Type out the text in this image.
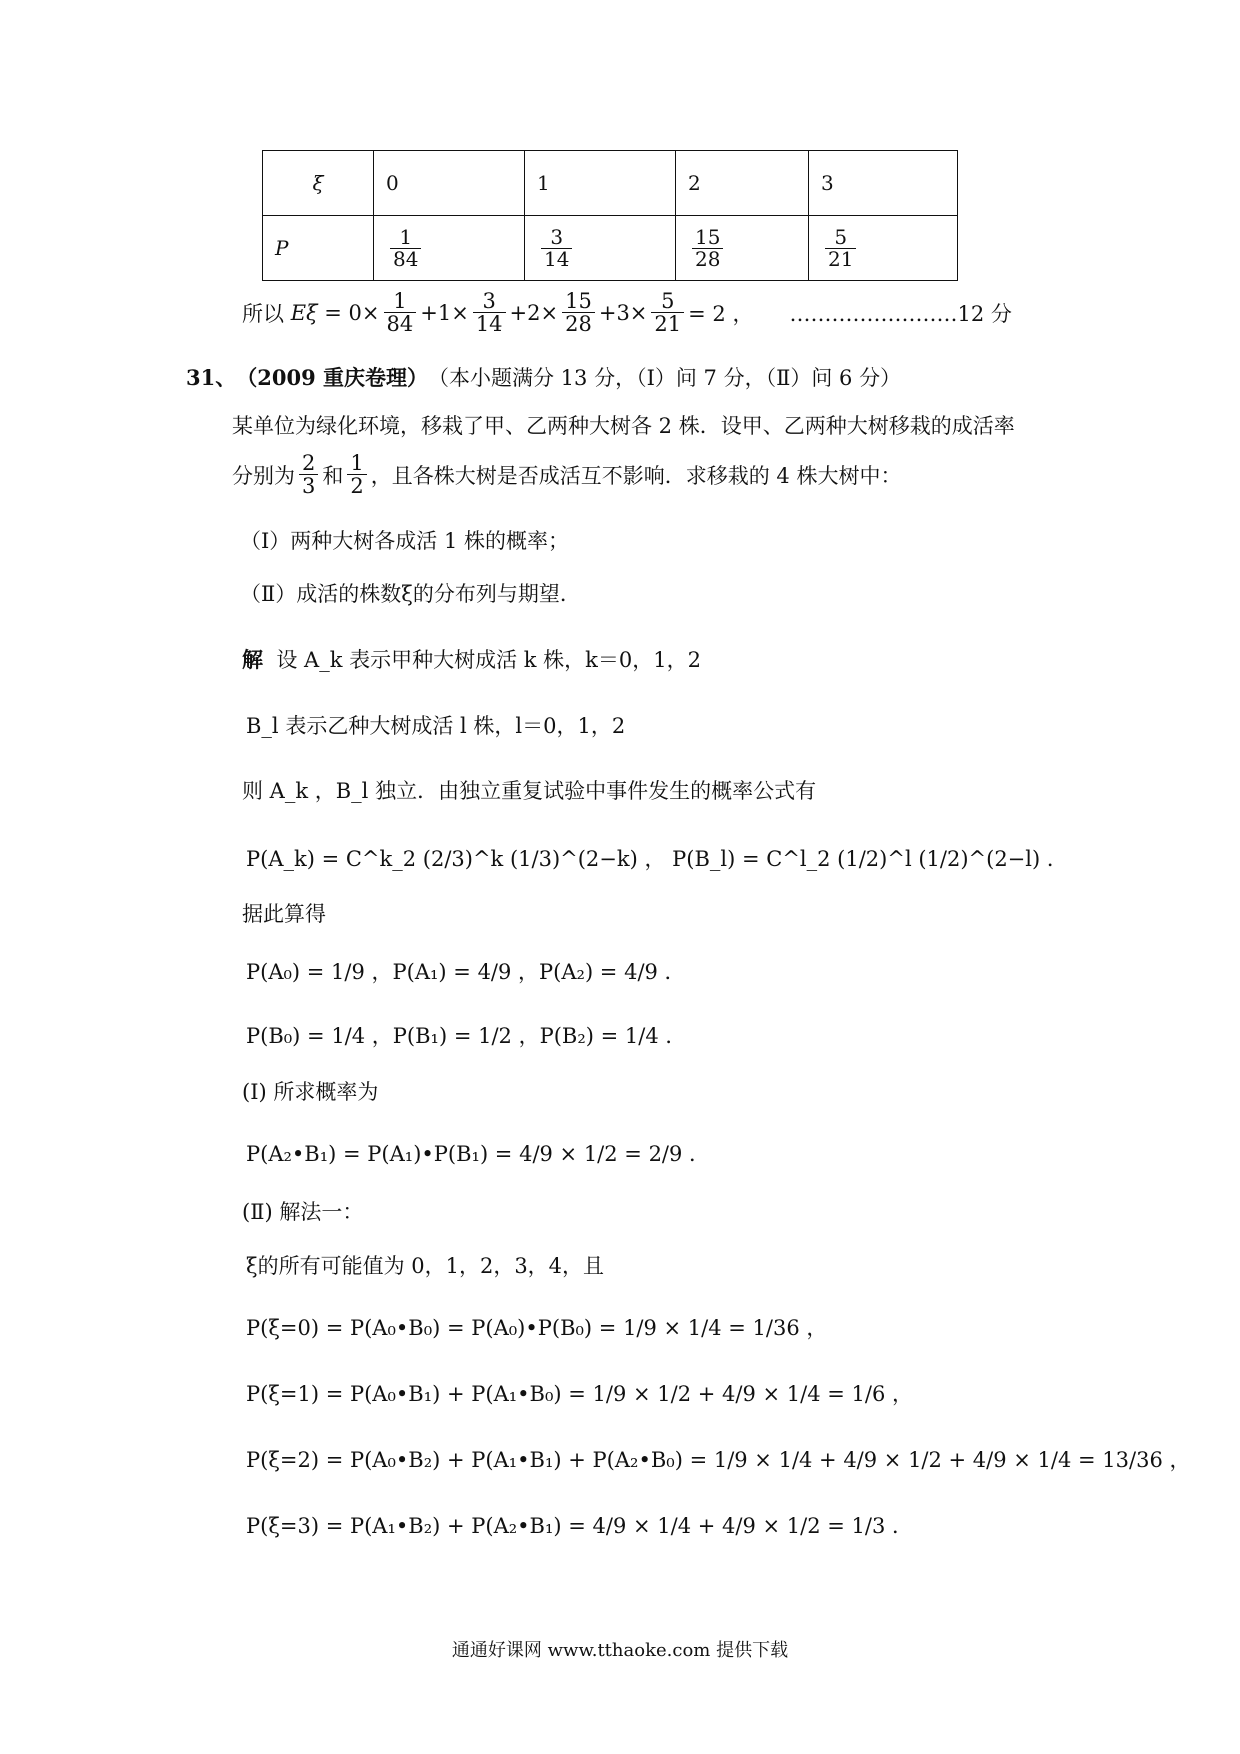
ξ	0	1	2	3
P	$\frac{1}{84}$	$\frac{3}{14}$	$\frac{15}{28}$	$\frac{5}{21}$
所以
Eξ
= $0\times \frac{1}{84} +1\times \frac{3}{14} +2\times \frac{15}{28} +3\times \frac{5}{21} = 2$ ， ……………………12 分
31、 （2009 重庆卷理） （本小题满分 13 分，（Ⅰ）问 7 分，（Ⅱ）问 6 分）
某单位为绿化环境，移栽了甲、乙两种大树各 2 株．设甲、乙两种大树移栽的成活率
分别为 $\frac{2}{3}$ 和 $\frac{1}{2}$ ，且各株大树是否成活互不影响．求移栽的 4 株大树中：
（Ⅰ）两种大树各成活 1 株的概率；
（Ⅱ）成活的株数ξ的分布列与期望．
解
设 A_k 表示甲种大树成活 k 株，k＝0，1，2
B_l 表示乙种大树成活 l 株，l＝0，1，2
则 A_k ，B_l 独立．由独立重复试验中事件发生的概率公式有
P(A_k) = C^k_2 (2/3)^k (1/3)^(2−k) ， P(B_l) = C^l_2 (1/2)^l (1/2)^(2−l) ．
据此算得
P(A₀) = 1/9 ，P(A₁) = 4/9 ，P(A₂) = 4/9 ．
P(B₀) = 1/4 ，P(B₁) = 1/2 ，P(B₂) = 1/4 ．
(Ⅰ) 所求概率为
P(A₂•B₁) = P(A₁)•P(B₁) = 4/9 × 1/2 = 2/9 ．
(Ⅱ) 解法一：
ξ的所有可能值为 0，1，2，3，4，且
P(ξ=0) = P(A₀•B₀) = P(A₀)•P(B₀) = 1/9 × 1/4 = 1/36 ，
P(ξ=1) = P(A₀•B₁) + P(A₁•B₀) = 1/9 × 1/2 + 4/9 × 1/4 = 1/6 ，
P(ξ=2) = P(A₀•B₂) + P(A₁•B₁) + P(A₂•B₀) = 1/9 × 1/4 + 4/9 × 1/2 + 4/9 × 1/4 = 13/36 ，
P(ξ=3) = P(A₁•B₂) + P(A₂•B₁) = 4/9 × 1/4 + 4/9 × 1/2 = 1/3 ．
通通好课网 www.tthaoke.com 提供下载
